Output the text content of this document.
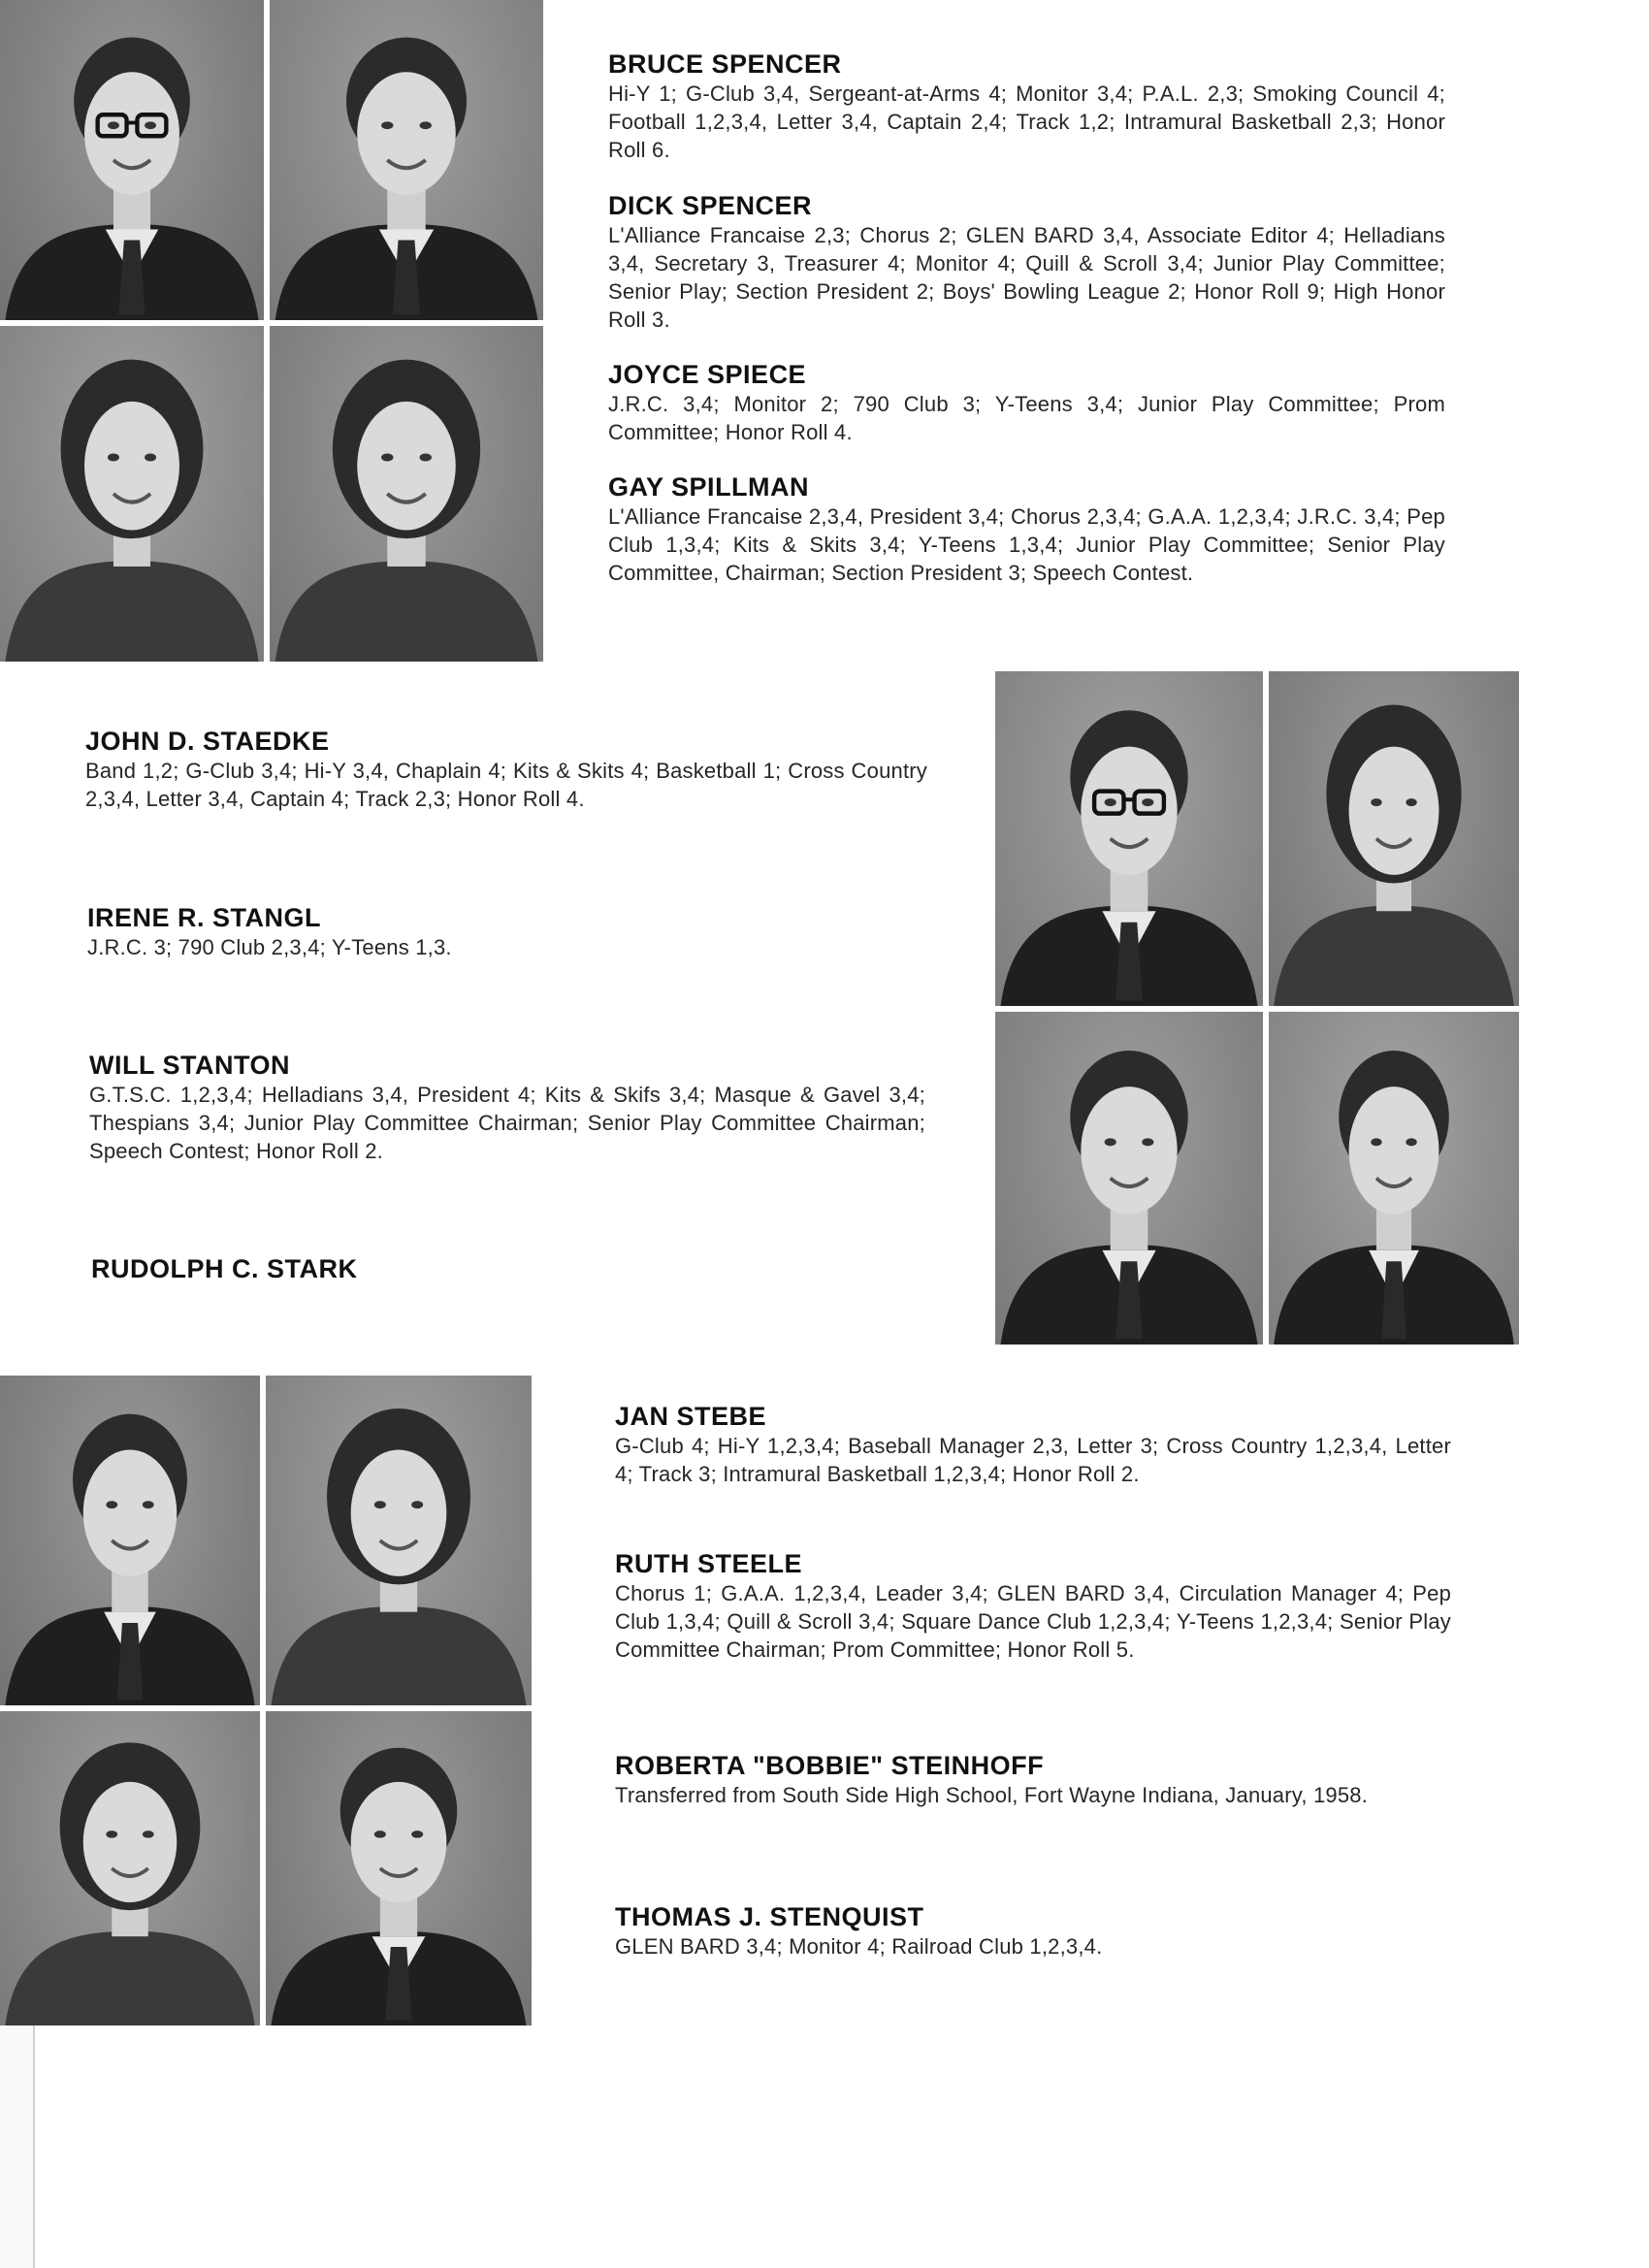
BRUCE SPENCER
Hi-Y 1; G-Club 3,4, Sergeant-at-Arms 4; Monitor 3,4; P.A.L. 2,3; Smoking Council 4; Football 1,2,3,4, Letter 3,4, Captain 2,4; Track 1,2; Intramural Basketball 2,3; Honor Roll 6.
DICK SPENCER
L'Alliance Francaise 2,3; Chorus 2; GLEN BARD 3,4, Associate Editor 4; Helladians 3,4, Secretary 3, Treasurer 4; Monitor 4; Quill & Scroll 3,4; Junior Play Committee; Senior Play; Section President 2; Boys' Bowling League 2; Honor Roll 9; High Honor Roll 3.
JOYCE SPIECE
J.R.C. 3,4; Monitor 2; 790 Club 3; Y-Teens 3,4; Junior Play Committee; Prom Committee; Honor Roll 4.
GAY SPILLMAN
L'Alliance Francaise 2,3,4, President 3,4; Chorus 2,3,4; G.A.A. 1,2,3,4; J.R.C. 3,4; Pep Club 1,3,4; Kits & Skits 3,4; Y-Teens 1,3,4; Junior Play Committee; Senior Play Committee, Chairman; Section President 3; Speech Contest.
JOHN D. STAEDKE
Band 1,2; G-Club 3,4; Hi-Y 3,4, Chaplain 4; Kits & Skits 4; Basketball 1; Cross Country 2,3,4, Letter 3,4, Captain 4; Track 2,3; Honor Roll 4.
IRENE R. STANGL
J.R.C. 3; 790 Club 2,3,4; Y-Teens 1,3.
WILL STANTON
G.T.S.C. 1,2,3,4; Helladians 3,4, President 4; Kits & Skifs 3,4; Masque & Gavel 3,4; Thespians 3,4; Junior Play Committee Chairman; Senior Play Committee Chairman; Speech Contest; Honor Roll 2.
RUDOLPH C. STARK
JAN STEBE
G-Club 4; Hi-Y 1,2,3,4; Baseball Manager 2,3, Letter 3; Cross Country 1,2,3,4, Letter 4; Track 3; Intramural Basketball 1,2,3,4; Honor Roll 2.
RUTH STEELE
Chorus 1; G.A.A. 1,2,3,4, Leader 3,4; GLEN BARD 3,4, Circulation Manager 4; Pep Club 1,3,4; Quill & Scroll 3,4; Square Dance Club 1,2,3,4; Y-Teens 1,2,3,4; Senior Play Committee Chairman; Prom Committee; Honor Roll 5.
ROBERTA "BOBBIE" STEINHOFF
Transferred from South Side High School, Fort Wayne Indiana, January, 1958.
THOMAS J. STENQUIST
GLEN BARD 3,4; Monitor 4; Railroad Club 1,2,3,4.
